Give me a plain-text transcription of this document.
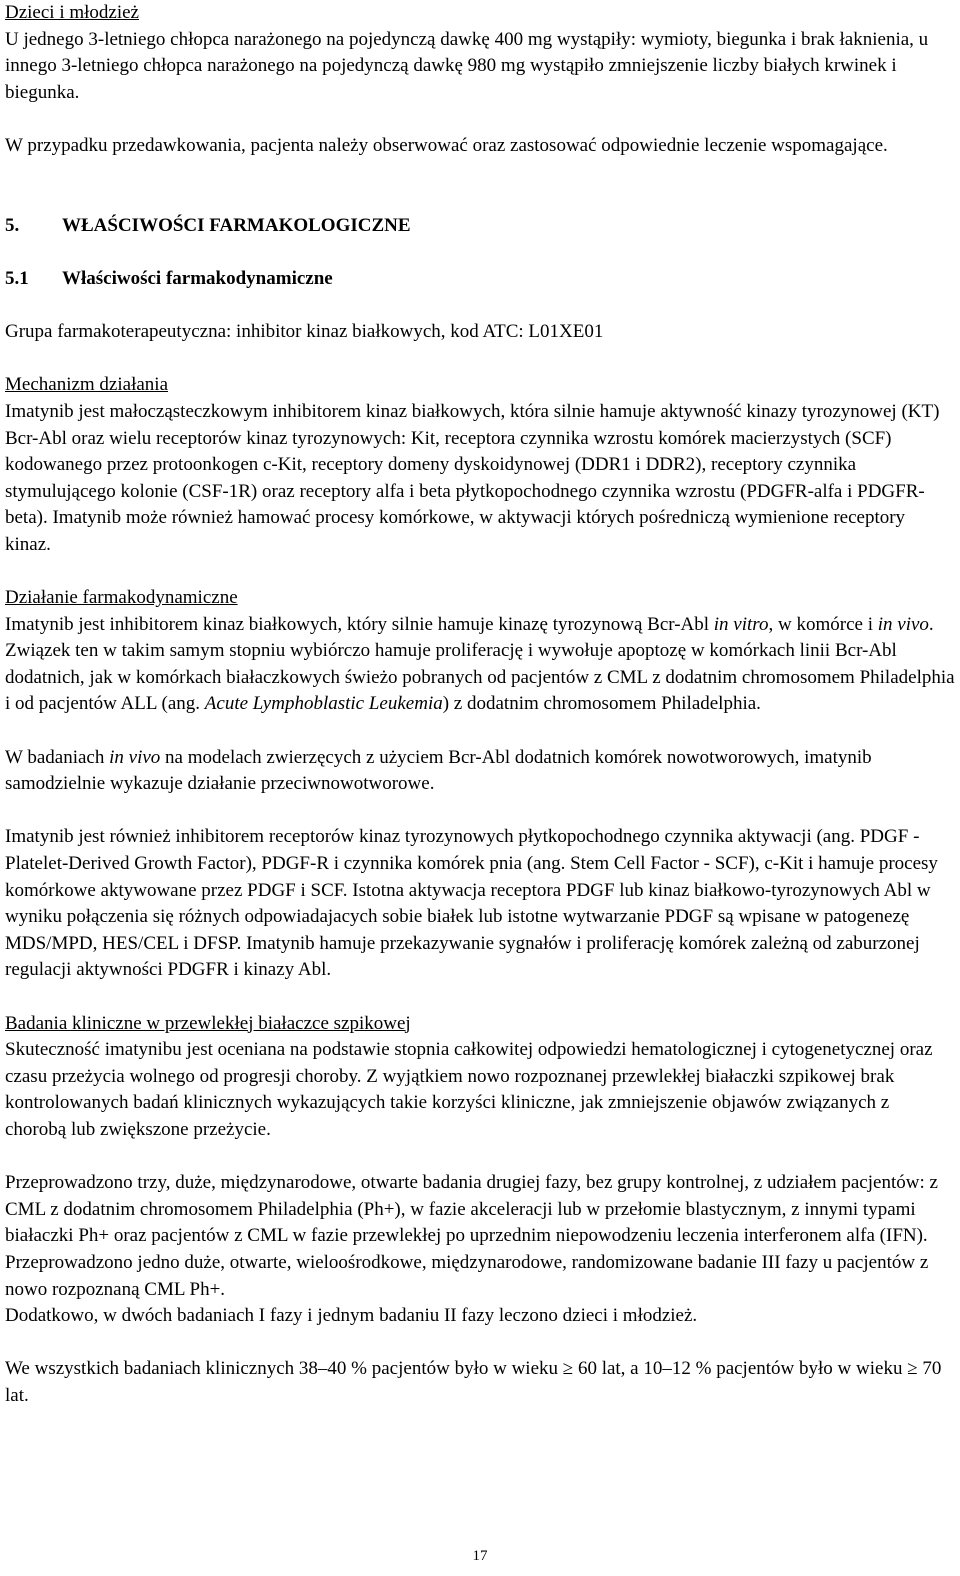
Dzieci i młodzież

U jednego 3-letniego chłopca narażonego na pojedynczą dawkę 400 mg wystąpiły: wymioty, biegunka i brak łaknienia, u innego 3-letniego chłopca narażonego na pojedynczą dawkę 980 mg wystąpiło zmniejszenie liczby białych krwinek i biegunka.

W przypadku przedawkowania, pacjenta należy obserwować oraz zastosować odpowiednie leczenie wspomagające.

5. WŁAŚCIWOŚCI FARMAKOLOGICZNE

5.1 Właściwości farmakodynamiczne

Grupa farmakoterapeutyczna: inhibitor kinaz białkowych, kod ATC: L01XE01

Mechanizm działania

Imatynib jest małocząsteczkowym inhibitorem kinaz białkowych, która silnie hamuje aktywność kinazy tyrozynowej (KT) Bcr-Abl oraz wielu receptorów kinaz tyrozynowych: Kit, receptora czynnika wzrostu komórek macierzystych (SCF) kodowanego przez protoonkogen c-Kit, receptory domeny dyskoidynowej (DDR1 i DDR2), receptory czynnika stymulującego kolonie (CSF-1R) oraz receptory alfa i beta płytkopochodnego czynnika wzrostu (PDGFR-alfa i PDGFR-beta). Imatynib może również hamować procesy komórkowe, w aktywacji których pośredniczą wymienione receptory kinaz.

Działanie farmakodynamiczne

Imatynib jest inhibitorem kinaz białkowych, który silnie hamuje kinazę tyrozynową Bcr-Abl in vitro, w komórce i in vivo. Związek ten w takim samym stopniu wybiórczo hamuje proliferację i wywołuje apoptozę w komórkach linii Bcr-Abl dodatnich, jak w komórkach białaczkowych świeżo pobranych od pacjentów z CML z dodatnim chromosomem Philadelphia i od pacjentów ALL (ang. Acute Lymphoblastic Leukemia) z dodatnim chromosomem Philadelphia.

W badaniach in vivo na modelach zwierzęcych z użyciem Bcr-Abl dodatnich komórek nowotworowych, imatynib samodzielnie wykazuje działanie przeciwnowotworowe.

Imatynib jest również inhibitorem receptorów kinaz tyrozynowych płytkopochodnego czynnika aktywacji (ang. PDGF - Platelet-Derived Growth Factor), PDGF-R i czynnika komórek pnia (ang. Stem Cell Factor - SCF), c-Kit i hamuje procesy komórkowe aktywowane przez PDGF i SCF. Istotna aktywacja receptora PDGF lub kinaz białkowo-tyrozynowych Abl w wyniku połączenia się różnych odpowiadajacych sobie białek lub istotne wytwarzanie PDGF są wpisane w patogenezę MDS/MPD, HES/CEL i DFSP. Imatynib hamuje przekazywanie sygnałów i proliferację komórek zależną od zaburzonej regulacji aktywności PDGFR i kinazy Abl.

Badania kliniczne w przewlekłej białaczce szpikowej

Skuteczność imatynibu jest oceniana na podstawie stopnia całkowitej odpowiedzi hematologicznej i cytogenetycznej oraz czasu przeżycia wolnego od progresji choroby. Z wyjątkiem nowo rozpoznanej przewlekłej białaczki szpikowej brak kontrolowanych badań klinicznych wykazujących takie korzyści kliniczne, jak zmniejszenie objawów związanych z chorobą lub zwiększone przeżycie.

Przeprowadzono trzy, duże, międzynarodowe, otwarte badania drugiej fazy, bez grupy kontrolnej, z udziałem pacjentów: z CML z dodatnim chromosomem Philadelphia (Ph+), w fazie akceleracji lub w przełomie blastycznym, z innymi typami białaczki Ph+ oraz pacjentów z CML w fazie przewlekłej po uprzednim niepowodzeniu leczenia interferonem alfa (IFN). Przeprowadzono jedno duże, otwarte, wieloośrodkowe, międzynarodowe, randomizowane badanie III fazy u pacjentów z nowo rozpoznaną CML Ph+.

Dodatkowo, w dwóch badaniach I fazy i jednym badaniu II fazy leczono dzieci i młodzież.

We wszystkich badaniach klinicznych 38–40 % pacjentów było w wieku ≥ 60 lat, a 10–12 % pacjentów było w wieku ≥ 70 lat.

17
